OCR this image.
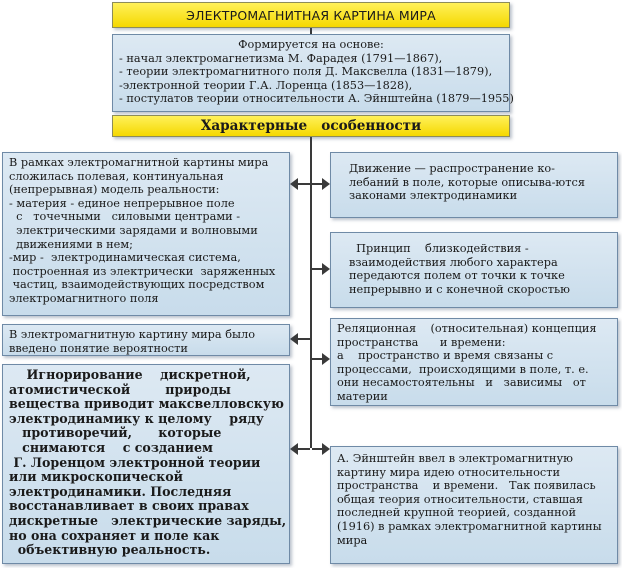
ЭЛЕКТРОМАГНИТНАЯ КАРТИНА МИРА
Формируется на основе:
- начал электромагнетизма М. Фарадея (1791—1867),
- теории электромагнитного поля Д. Максвелла (1831—1879),
-электронной теории Г.А. Лоренца (1853—1828),
- постулатов теории относительности А. Эйнштейна (1879—1955)
Характерные   особенности
В рамках электромагнитной картины мира
сложилась полевая, континуальная
(непрерывная) модель реальности:
- материя - единое непрерывное поле
с   точечными   силовыми центрами -
электрическими зарядами и волновыми
движениями в нем;
-мир -  электродинамическая система,
построенная из электрически  заряженных
частиц, взаимодействующих посредством
электромагнитного поля
В электромагнитную картину мира было
введено понятие вероятности
Игнорирование    дискретной,
атомистической        природы
вещества приводит максвелловскую
электродинамику к целому    ряду
противоречий,      которые
снимаются    с созданием
Г. Лоренцом электронной теории
или микроскопической
электродинамики. Последняя
восстанавливает в своих правах
дискретные   электрические заряды,
но она сохраняет и поле как
объективную реальность.
Движение — распространение ко-
лебаний в поле, которые описыва-ются
законами электродинамики
Принцип    близкодействия -
взаимодействия любого характера
передаются полем от точки к точке
непрерывно и с конечной скоростью
Реляционная    (относительная) концепция
пространства      и времени:
а    пространство и время связаны с
процессами,  происходящими в поле, т. е.
они несамостоятельны   и   зависимы   от
материи
А. Эйнштейн ввел в электромагнитную
картину мира идею относительности
пространства    и времени.   Так появилась
общая теория относительности, ставшая
последней крупной теорией, созданной
(1916) в рамках электромагнитной картины
мира
